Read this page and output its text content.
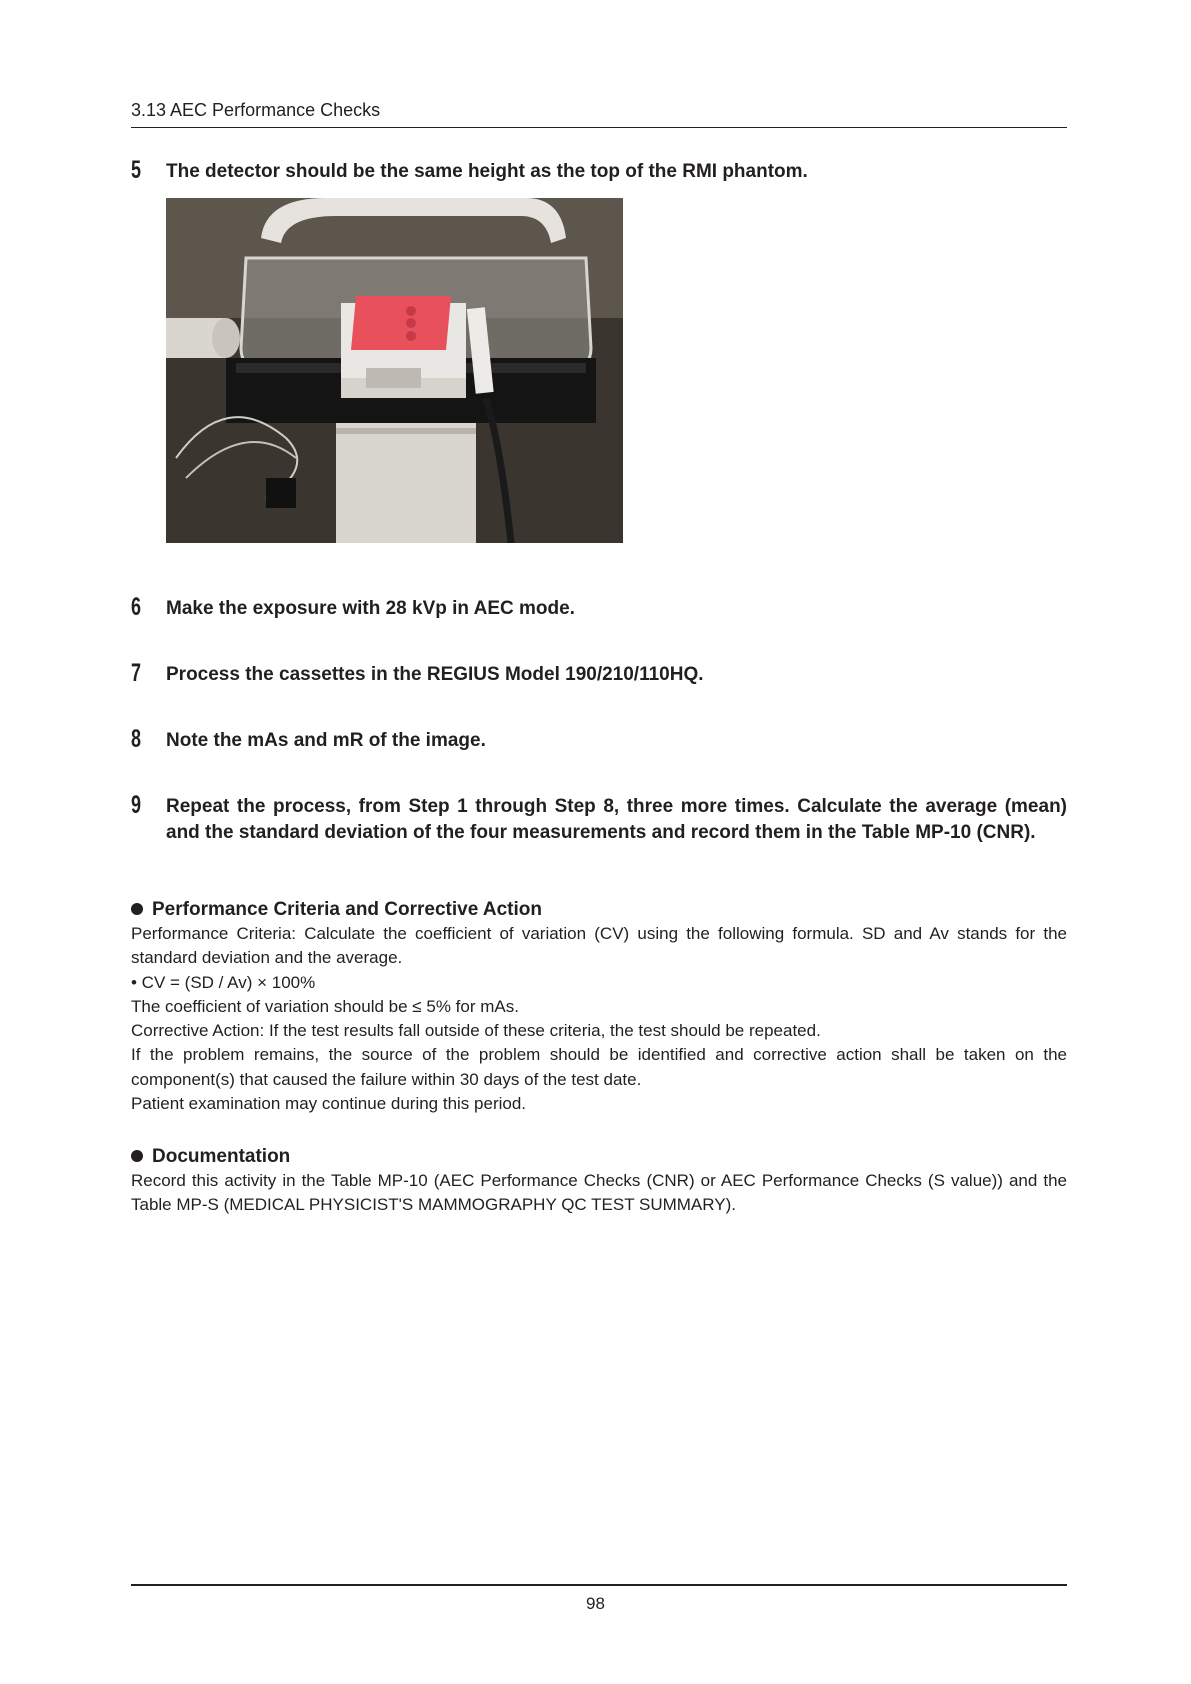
3.13 AEC Performance Checks
5 The detector should be the same height as the top of the RMI phantom.
6 Make the exposure with 28 kVp in AEC mode.
7 Process the cassettes in the REGIUS Model 190/210/110HQ.
8 Note the mAs and mR of the image.
9 Repeat the process, from Step 1 through Step 8, three more times. Calculate the average (mean) and the standard deviation of the four measurements and record them in the Table MP-10 (CNR).
Performance Criteria and Corrective Action

Performance Criteria: Calculate the coefficient of variation (CV) using the following formula. SD and Av stands for the standard deviation and the average.

• CV = (SD / Av) × 100%

The coefficient of variation should be ≤ 5% for mAs.

Corrective Action: If the test results fall outside of these criteria, the test should be repeated.

If the problem remains, the source of the problem should be identified and corrective action shall be taken on the component(s) that caused the failure within 30 days of the test date.

Patient examination may continue during this period.

Documentation

Record this activity in the Table MP-10 (AEC Performance Checks (CNR) or AEC Performance Checks (S value)) and the Table MP-S (MEDICAL PHYSICIST'S MAMMOGRAPHY QC TEST SUMMARY).

98
